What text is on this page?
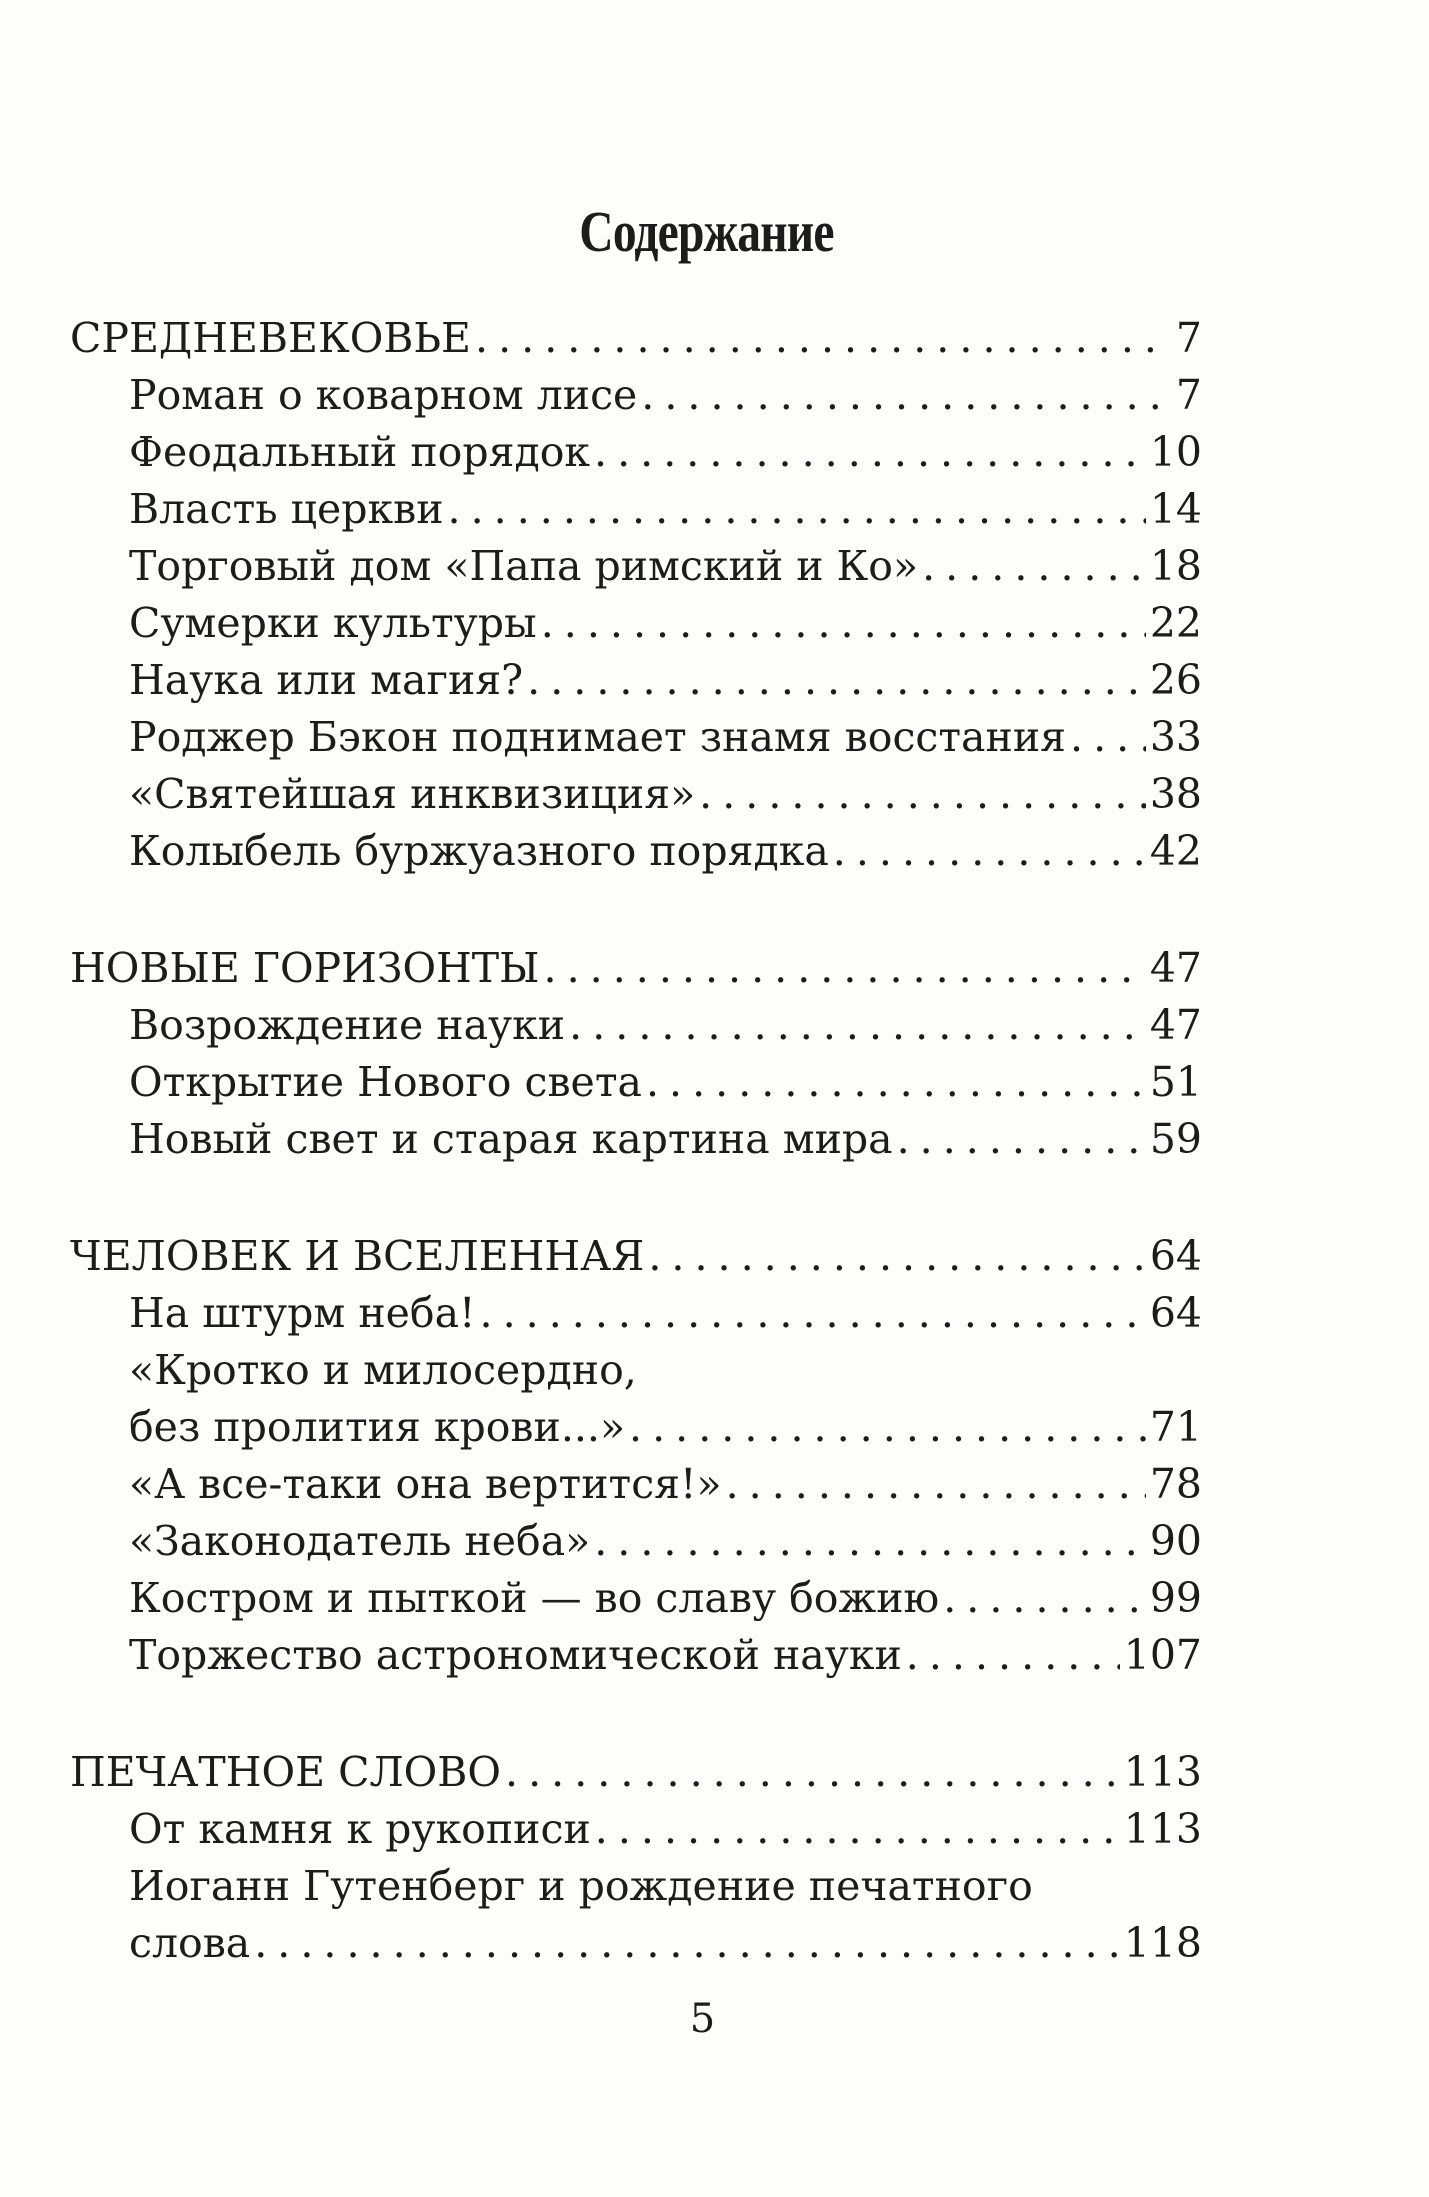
Содержание
СРЕДНЕВЕКОВЬЕ . . .	7
Роман о коварном лисе . . .	7
Феодальный порядок . . .	10
Власть церкви . . .	14
Торговый дом «Папа римский и Ко» . . .	18
Сумерки культуры . . .	22
Наука или магия? . . .	26
Роджер Бэкон поднимает знамя восстания . . . 33
«Святейшая инквизиция» . . .	38
Колыбель буржуазного порядка . . .	42
НОВЫЕ ГОРИЗОНТЫ . . .	47
Возрождение науки . . .	47
Открытие Нового света . . .	51
Новый свет и старая картина мира . . .	59
ЧЕЛОВЕК И ВСЕЛЕННАЯ . . .	64
На штурм неба! . . .	64
«Кротко и милосердно,
без пролития крови...» . . .	71
«А все-таки она вертится!» . . .	78
«Законодатель неба» . . .	90
Костром и пыткой — во славу божию . . .	99
Торжество астрономической науки . . .	107
ПЕЧАТНОЕ СЛОВО . . .	113
От камня к рукописи . . .	113
Иоганн Гутенберг и рождение печатного
слова . . .	118
5
